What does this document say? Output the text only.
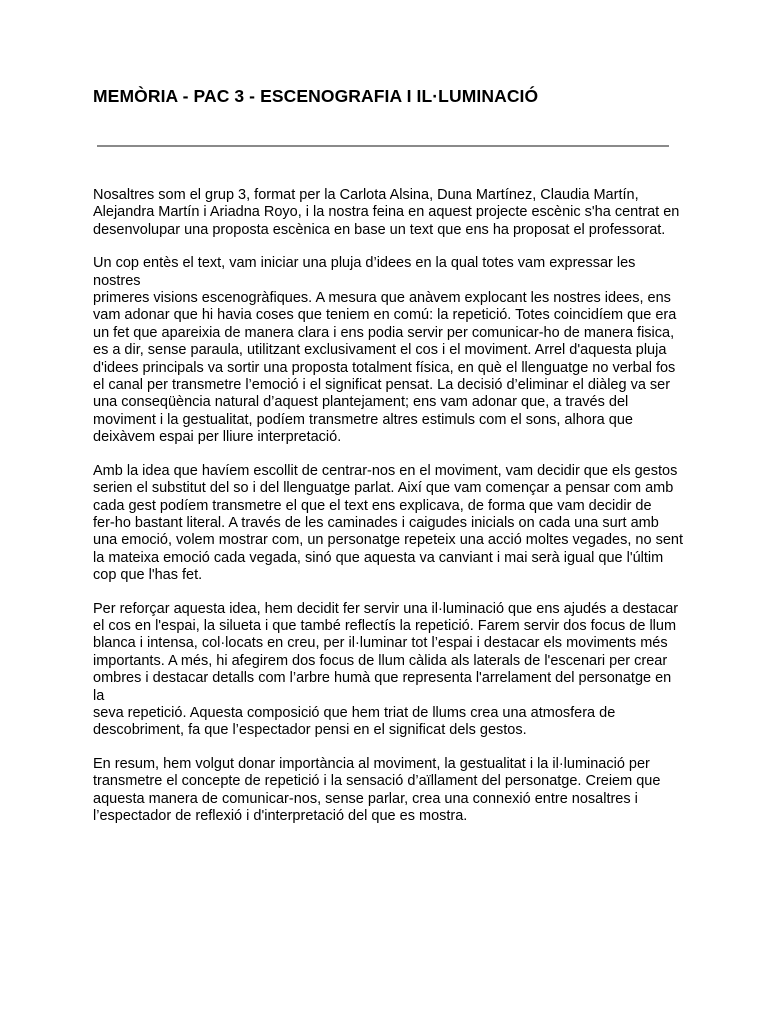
MEMÒRIA - PAC 3 - ESCENOGRAFIA I IL·LUMINACIÓ

Nosaltres som el grup 3, format per la Carlota Alsina, Duna Martínez, Claudia Martín,
Alejandra Martín i Ariadna Royo, i la nostra feina en aquest projecte escènic s'ha centrat en
desenvolupar una proposta escènica en base un text que ens ha proposat el professorat.

Un cop entès el text, vam iniciar una pluja d’idees en la qual totes vam expressar les nostres
primeres visions escenogràfiques. A mesura que anàvem explocant les nostres idees, ens
vam adonar que hi havia coses que teniem en comú: la repetició. Totes coincidíem que era
un fet que apareixia de manera clara i ens podia servir per comunicar-ho de manera fisica,
es a dir, sense paraula, utilitzant exclusivament el cos i el moviment. Arrel d'aquesta pluja
d'idees principals va sortir una proposta totalment física, en què el llenguatge no verbal fos
el canal per transmetre l’emoció i el significat pensat. La decisió d’eliminar el diàleg va ser
una conseqüència natural d’aquest plantejament; ens vam adonar que, a través del
moviment i la gestualitat, podíem transmetre altres estimuls com el sons, alhora que
deixàvem espai per lliure interpretació.

Amb la idea que havíem escollit de centrar-nos en el moviment, vam decidir que els gestos
serien el substitut del so i del llenguatge parlat. Així que vam començar a pensar com amb
cada gest podíem transmetre el que el text ens explicava, de forma que vam decidir de
fer-ho bastant literal. A través de les caminades i caigudes inicials on cada una surt amb
una emoció, volem mostrar com, un personatge repeteix una acció moltes vegades, no sent
la mateixa emoció cada vegada, sinó que aquesta va canviant i mai serà igual que l'últim
cop que l'has fet.

Per reforçar aquesta idea, hem decidit fer servir una il·luminació que ens ajudés a destacar
el cos en l'espai, la silueta i que també reflectís la repetició. Farem servir dos focus de llum
blanca i intensa, col·locats en creu, per il·luminar tot l’espai i destacar els moviments més
importants. A més, hi afegirem dos focus de llum càlida als laterals de l'escenari per crear
ombres i destacar detalls com l’arbre humà que representa l'arrelament del personatge en la
seva repetició. Aquesta composició que hem triat de llums crea una atmosfera de
descobriment, fa que l’espectador pensi en el significat dels gestos.

En resum, hem volgut donar importància al moviment, la gestualitat i la il·luminació per
transmetre el concepte de repetició i la sensació d’aïllament del personatge. Creiem que
aquesta manera de comunicar-nos, sense parlar, crea una connexió entre nosaltres i
l’espectador de reflexió i d'interpretació del que es mostra.
